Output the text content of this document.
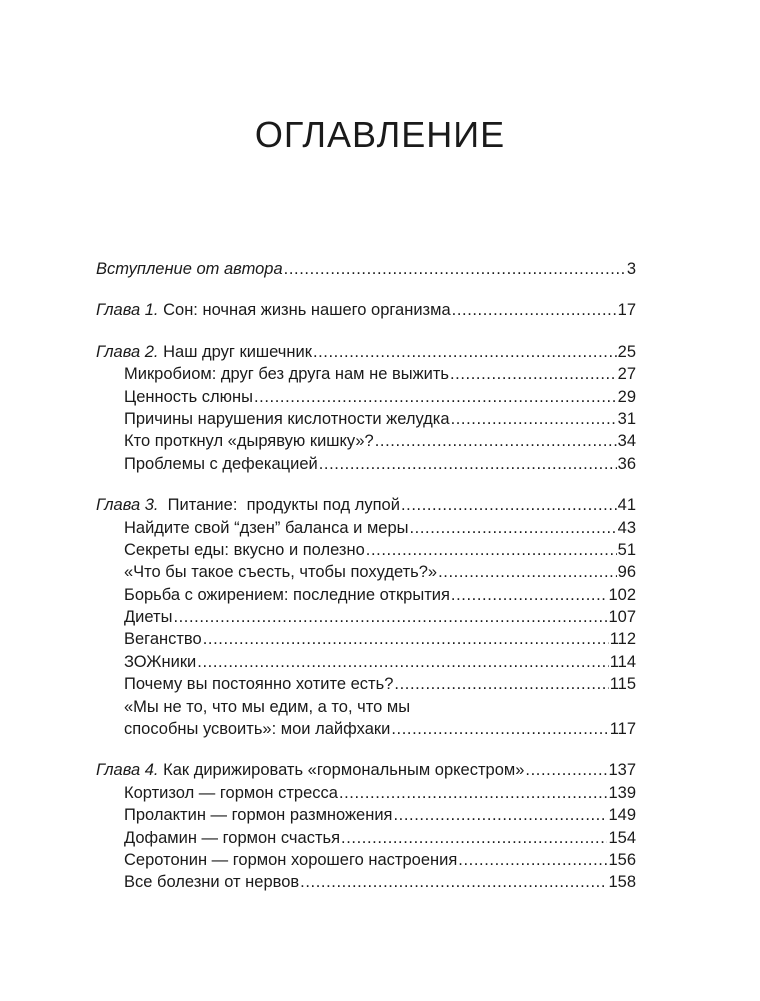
ОГЛАВЛЕНИЕ
Вступление от автора .....	3
Глава 1. Сон: ночная жизнь нашего организма .....	17
Глава 2. Наш друг кишечник .....	25
Микробиом: друг без друга нам не выжить .....	27
Ценность слюны .....	29
Причины нарушения кислотности желудка .....	31
Кто проткнул «дырявую кишку»? .....	34
Проблемы с дефекацией .....	36
Глава 3.  Питание:  продукты под лупой .....	41
Найдите свой “дзен” баланса и меры .....	43
Секреты еды: вкусно и полезно .....	51
«Что бы такое съесть, чтобы похудеть?» .....	96
Борьба с ожирением: последние открытия .....	102
Диеты .....	107
Веганство .....	112
ЗОЖники .....	114
Почему вы постоянно хотите есть? .....	115
«Мы не то, что мы едим, а то, что мы
способны усвоить»: мои лайфхаки .....	117
Глава 4. Как дирижировать «гормональным оркестром» .....	137
Кортизол — гормон стресса .....	139
Пролактин — гормон размножения .....	149
Дофамин — гормон счастья .....	154
Серотонин — гормон хорошего настроения .....	156
Все болезни от нервов .....	158
